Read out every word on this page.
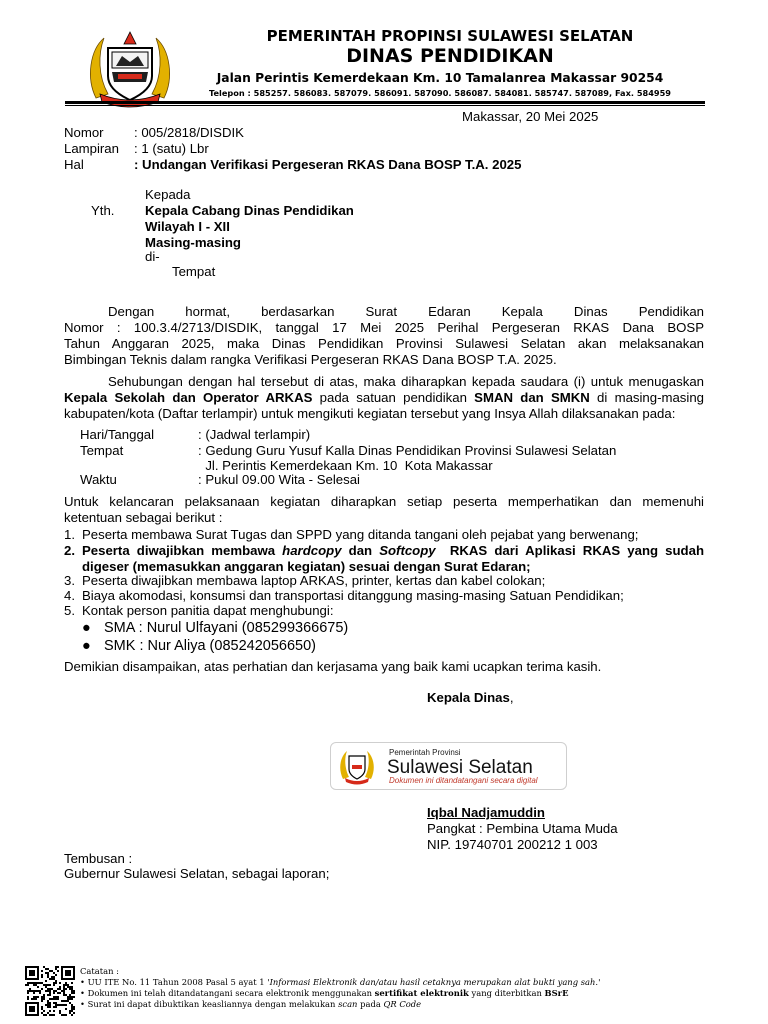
PEMERINTAH PROPINSI SULAWESI SELATAN
DINAS PENDIDIKAN
Jalan Perintis Kemerdekaan Km. 10 Tamalanrea Makassar 90254
Telepon : 585257. 586083. 587079. 586091. 587090. 586087. 584081. 585747. 587089, Fax. 584959
Makassar, 20 Mei 2025
Nomor : 005/2818/DISDIK
Lampiran : 1 (satu) Lbr
Hal	: Undangan Verifikasi Pergeseran RKAS Dana BOSP T.A. 2025
Kepada
Yth. Kepala Cabang Dinas Pendidikan
Wilayah I - XII
Masing-masing
di-
Tempat
Dengan hormat, berdasarkan Surat Edaran Kepala Dinas Pendidikan
Nomor : 100.3.4/2713/DISDIK, tanggal 17 Mei 2025 Perihal Pergeseran RKAS Dana BOSP
Tahun Anggaran 2025, maka Dinas Pendidikan Provinsi Sulawesi Selatan akan melaksanakan
Bimbingan Teknis dalam rangka Verifikasi Pergeseran RKAS Dana BOSP T.A. 2025.
Sehubungan dengan hal tersebut di atas, maka diharapkan kepada saudara (i) untuk menugaskan
Kepala Sekolah dan Operator ARKAS pada satuan pendidikan SMAN dan SMKN di masing-masing
kabupaten/kota (Daftar terlampir) untuk mengikuti kegiatan tersebut yang Insya Allah dilaksanakan pada:
Hari/Tanggal	: (Jadwal terlampir)
Tempat	: Gedung Guru Yusuf Kalla Dinas Pendidikan Provinsi Sulawesi Selatan
Jl. Perintis Kemerdekaan Km. 10  Kota Makassar
Waktu	: Pukul 09.00 Wita - Selesai
Untuk kelancaran pelaksanaan kegiatan diharapkan setiap peserta memperhatikan dan memenuhi
ketentuan sebagai berikut :
1. Peserta membawa Surat Tugas dan SPPD yang ditanda tangani oleh pejabat yang berwenang;
2. Peserta diwajibkan membawa hardcopy dan Softcopy  RKAS dari Aplikasi RKAS yang sudah
digeser (memasukkan anggaran kegiatan) sesuai dengan Surat Edaran;
3. Peserta diwajibkan membawa laptop ARKAS, printer, kertas dan kabel colokan;
4. Biaya akomodasi, konsumsi dan transportasi ditanggung masing-masing Satuan Pendidikan;
5. Kontak person panitia dapat menghubungi:
● SMA : Nurul Ulfayani (085299366675)
● SMK : Nur Aliya (085242056650)
Demikian disampaikan, atas perhatian dan kerjasama yang baik kami ucapkan terima kasih.
Kepala Dinas,
Pemerintah Provinsi
Sulawesi Selatan
Dokumen ini ditandatangani secara digital
Iqbal Nadjamuddin
Pangkat : Pembina Utama Muda
NIP. 19740701 200212 1 003
Tembusan :
Gubernur Sulawesi Selatan, sebagai laporan;
Catatan :
• UU ITE No. 11 Tahun 2008 Pasal 5 ayat 1 'Informasi Elektronik dan/atau hasil cetaknya merupakan alat bukti yang sah.'
• Dokumen ini telah ditandatangani secara elektronik menggunakan sertifikat elektronik yang diterbitkan BSrE
• Surat ini dapat dibuktikan keasliannya dengan melakukan scan pada QR Code
